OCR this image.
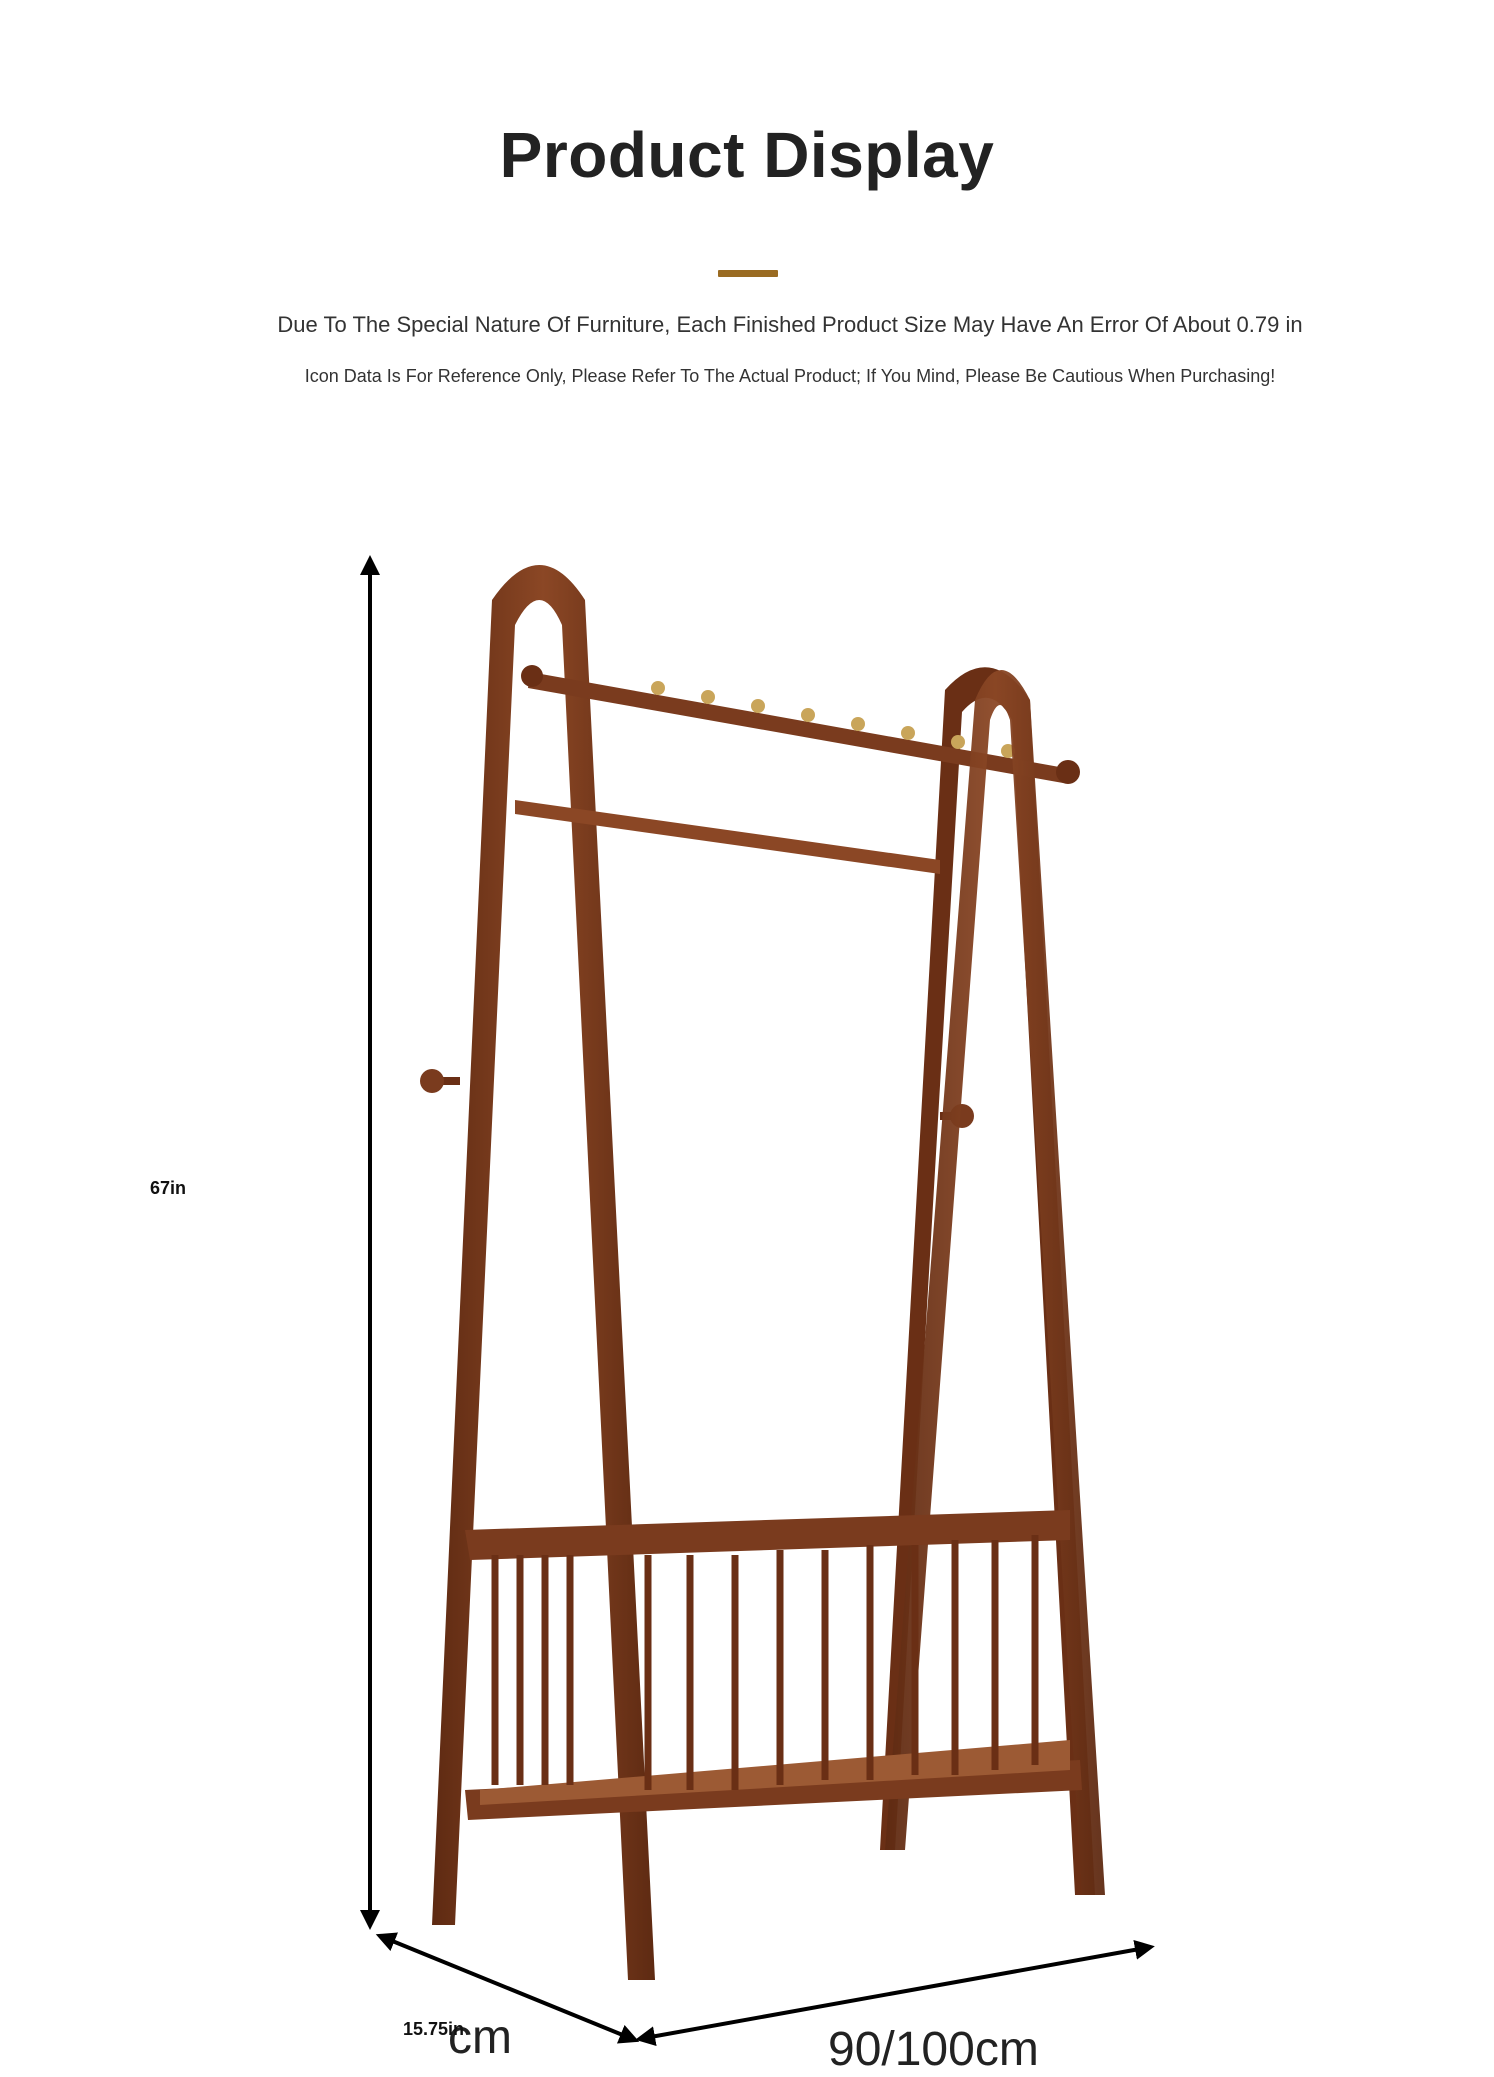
Product Display
Due To The Special Nature Of Furniture, Each Finished Product Size May Have An Error Of About 0.79 in
Icon Data Is For Reference Only, Please Refer To The Actual Product; If You Mind, Please Be Cautious When Purchasing!
67in
cm	90/100cm
15.75in
